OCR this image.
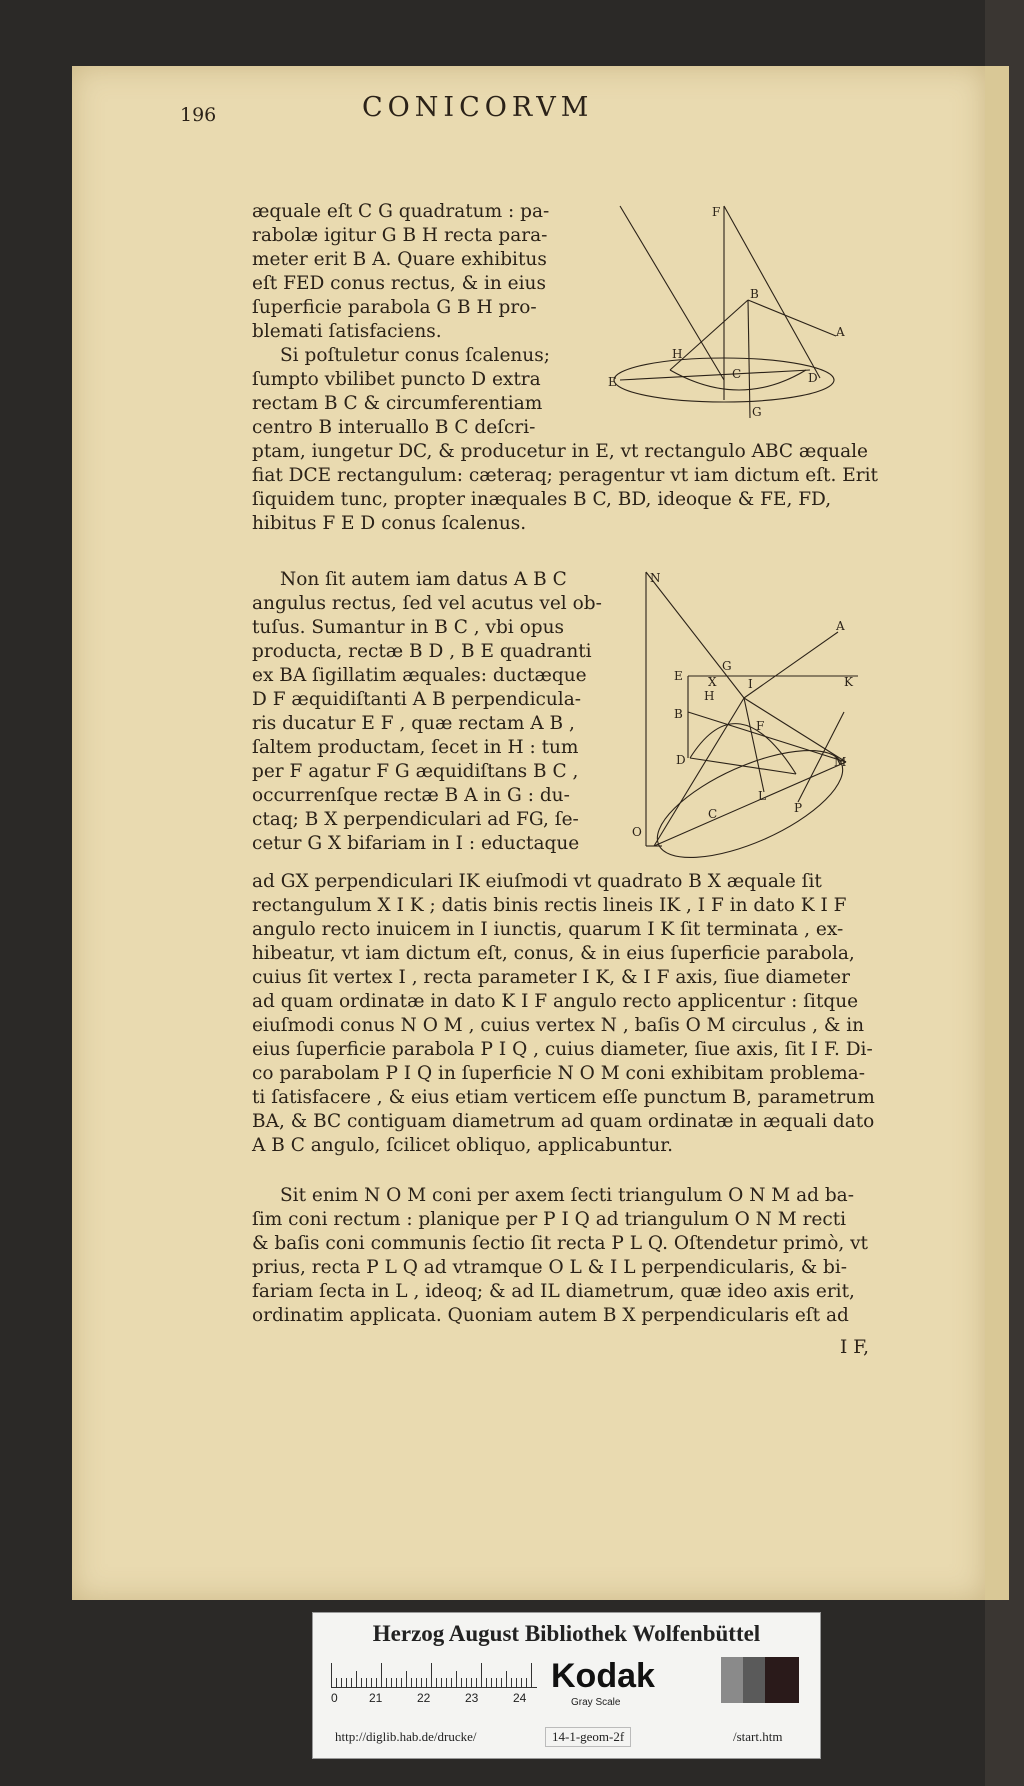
196	CONICORVM

æquale eſt C G quadratum : pa-

rabolæ igitur G B H recta para-

meter erit B A. Quare exhibitus

eſt FED conus rectus, & in eius

ſuperficie parabola G B H pro-

blemati ſatisfaciens.

Si poſtuletur conus ſcalenus;

ſumpto vbilibet puncto D extra

rectam B C & circumferentiam

centro B interuallo B C deſcri-

F
B
A
H
C	D
E
G

ptam, iungetur DC, & producetur in E, vt rectangulo ABC æquale

fiat DCE rectangulum: cæteraq; peragentur vt iam dictum eſt. Erit

ſiquidem tunc, propter inæquales B C, BD, ideoque & FE, FD,

hibitus F E D conus ſcalenus.

Non ſit autem iam datus A B C

angulus rectus, ſed vel acutus vel ob-

tuſus. Sumantur in B C , vbi opus

producta, rectæ B D , B E quadranti

ex BA ſigillatim æquales: ductæque

D F æquidiſtanti A B perpendicula-

ris ducatur E F , quæ rectam A B ,

ſaltem productam, ſecet in H : tum

per F agatur F G æquidiſtans B C ,

occurrenſque rectæ B A in G : du-

ctaq; B X perpendiculari ad FG, ſe-

cetur G X bifariam in I : eductaque

N
A
E
G
X	I	K
H
B
F
D	M
L
C	P
O

ad GX perpendiculari IK eiuſmodi vt quadrato B X æquale ſit

rectangulum X I K ; datis binis rectis lineis IK , I F in dato K I F

angulo recto inuicem in I iunctis, quarum I K ſit terminata , ex-

hibeatur, vt iam dictum eſt, conus, & in eius ſuperficie parabola,

cuius ſit vertex I , recta parameter I K, & I F axis, ſiue diameter

ad quam ordinatæ in dato K I F angulo recto applicentur : ſitque

eiuſmodi conus N O M , cuius vertex N , baſis O M circulus , & in

eius ſuperficie parabola P I Q , cuius diameter, ſiue axis, ſit I F. Di-

co parabolam P I Q in ſuperficie N O M coni exhibitam problema-

ti ſatisfacere , & eius etiam verticem eſſe punctum B, parametrum

BA, & BC contiguam diametrum ad quam ordinatæ in æquali dato

A B C angulo, ſcilicet obliquo, applicabuntur.

Sit enim N O M coni per axem ſecti triangulum O N M ad ba-

ſim coni rectum : planique per P I Q ad triangulum O N M recti

& baſis coni communis ſectio ſit recta P L Q. Oſtendetur primò, vt

prius, recta P L Q ad vtramque O L & I L perpendicularis, & bi-

fariam ſecta in L , ideoq; & ad IL diametrum, quæ ideo axis erit,

ordinatim applicata. Quoniam autem B X perpendicularis eſt ad

I F,
Herzog August Bibliothek Wolfenbüttel
0	21	22	23	24
Kodak
Gray Scale
http://diglib.hab.de/drucke/	14-1-geom-2f	/start.htm
